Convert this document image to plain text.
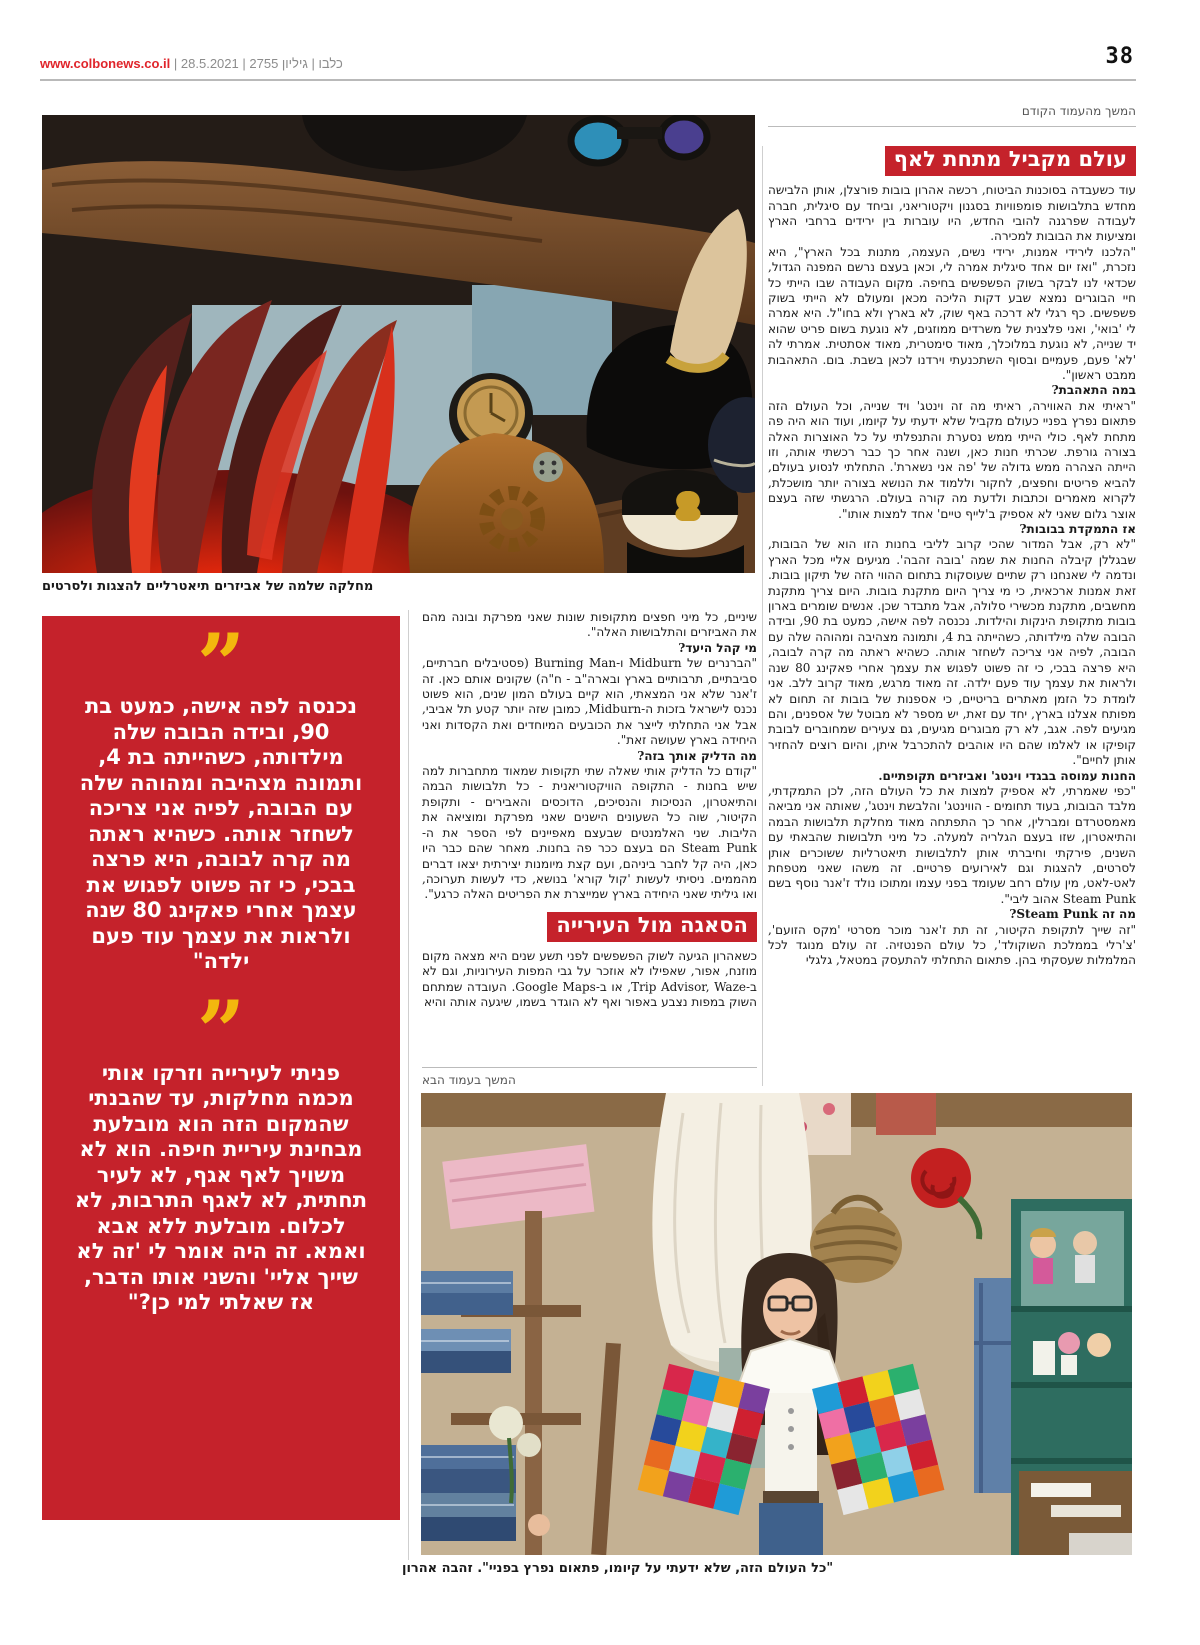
www.colbonews.co.il |	כלבו | גיליון 2755 | 28.5.2021	38
המשך מהעמוד הקודם
מחלקה שלמה של אביזרים תיאטרליים להצגות ולסרטים
”

נכנסה לפה אישה, כמעט בת 90, ובידה הבובה שלה מילדותה, כשהייתה בת 4, ותמונה מצהיבה ומהוהה שלה עם הבובה, לפיה אני צריכה לשחזר אותה. כשהיא ראתה מה קרה לבובה, היא פרצה בבכי, כי זה פשוט לפגוש את עצמך אחרי פאקינג 80 שנה ולראות את עצמך עוד פעם ילדה"

”

פניתי לעירייה וזרקו אותי מכמה מחלקות, עד שהבנתי שהמקום הזה הוא מובלעת מבחינת עיריית חיפה. הוא לא משויך לאף אגף, לא לעיר תחתית, לא לאגף התרבות, לא לכלום. מובלעת ללא אבא ואמא. זה היה אומר לי 'זה לא שייך אליי' והשני אותו הדבר, אז שאלתי למי כן?"

עולם מקביל מתחת לאף

עוד כשעבדה בסוכנות הביטוח, רכשה אהרון בובות פורצלן, אותן הלבישה מחדש בתלבושות פומפוויות בסגנון ויקטוריאני, וביחד עם סיגלית, חברה לעבודה שפרגנה להובי החדש, היו עוברות בין ירידים ברחבי הארץ ומציעות את הבובות למכירה.

"הלכנו לירידי אמנות, ירידי נשים, העצמה, מתנות בכל הארץ", היא נזכרת, "ואז יום אחד סיגלית אמרה לי, וכאן בעצם נרשם המפנה הגדול, שכדאי לנו לבקר בשוק הפשפשים בחיפה. מקום העבודה שבו הייתי כל חיי הבוגרים נמצא שבע דקות הליכה מכאן ומעולם לא הייתי בשוק פשפשים. כף רגלי לא דרכה באף שוק, לא בארץ ולא בחו"ל. היא אמרה לי 'בואי', ואני פלצנית של משרדים ממוזגים, לא נוגעת בשום פריט שהוא יד שנייה, לא נוגעת במלוכלך, מאוד סימטרית, מאוד אסתטית. אמרתי לה 'לא' פעם, פעמיים ובסוף השתכנעתי וירדנו לכאן בשבת. בום. התאהבות ממבט ראשון".

במה התאהבת?

"ראיתי את האווירה, ראיתי מה זה וינטג' ויד שנייה, וכל העולם הזה פתאום נפרץ בפניי כעולם מקביל שלא ידעתי על קיומו, ועוד הוא היה פה מתחת לאף. כולי הייתי ממש נסערת והתנפלתי על כל האוצרות האלה בצורה גורפת. שכרתי חנות כאן, ושנה אחר כך כבר רכשתי אותה, וזו הייתה הצהרה ממש גדולה של 'פה אני נשארת'. התחלתי לנסוע בעולם, להביא פריטים וחפצים, לחקור וללמוד את הנושא בצורה יותר מושכלת, לקרוא מאמרים וכתבות ולדעת מה קורה בעולם. הרגשתי שזה בעצם אוצר גלום שאני לא אספיק ב'לייף טיים' אחד למצות אותו".

אז התמקדת בבובות?

"לא רק, אבל המדור שהכי קרוב לליבי בחנות הזו הוא של הבובות, שבגללן קיבלה החנות את שמה 'בובה זהבה'. מגיעים אליי מכל הארץ ונדמה לי שאנחנו רק שתיים שעוסקות בתחום ההווי הזה של תיקון בובות. זאת אמנות ארכאית, כי מי צריך היום מתקנת בובות. היום צריך מתקנת מחשבים, מתקנת מכשירי סלולה, אבל מתבדר שכן. אנשים שומרים בארון בובות מתקופת הינקות והילדות. נכנסה לפה אישה, כמעט בת 90, ובידה הבובה שלה מילדותה, כשהייתה בת 4, ותמונה מצהיבה ומהוהה שלה עם הבובה, לפיה אני צריכה לשחזר אותה. כשהיא ראתה מה קרה לבובה, היא פרצה בבכי, כי זה פשוט לפגוש את עצמך אחרי פאקינג 80 שנה ולראות את עצמך עוד פעם ילדה. זה מאוד מרגש, מאוד קרוב ללב. אני לומדת כל הזמן מאתרים בריטיים, כי אספנות של בובות זה תחום לא מפותח אצלנו בארץ, יחד עם זאת, יש מספר לא מבוטל של אספנים, והם מגיעים לפה. אגב, לא רק מבוגרים מגיעים, גם צעירים שמחוברים לבובת קופיקו או לאלמו שהם היו אוהבים להתכרבל איתן, והיום רוצים להחזיר אותן לחיים".

החנות עמוסה בבגדי וינטג' ואביזרים תקופתיים.

"כפי שאמרתי, לא אספיק למצות את כל העולם הזה, לכן התמקדתי, מלבד הבובות, בעוד תחומים - הווינטג' והלבשת וינטג', שאותה אני מביאה מאמסטרדם ומברלין, אחר כך התפתחה מאוד מחלקת תלבושות הבמה והתיאטרון, שזו בעצם הגלריה למעלה. כל מיני תלבושות שהבאתי עם השנים, פירקתי וחיברתי אותן לתלבושות תיאטרליות ששוכרים אותן לסרטים, להצגות וגם לאירועים פרטיים. זה משהו שאני מטפחת לאט-לאט, מין עולם רחב שעומד בפני עצמו ומתוכו נולד ז'אנר נוסף בשם Steam Punk אהוב ליבי".

מה זה Steam Punk?

"זה שייך לתקופת הקיטור, זה תת ז'אנר מוכר מסרטי 'מקס הזועם', 'צ'רלי בממלכת השוקולד', כל עולם הפנטזיה. זה עולם מנוגד לכל המלמלות שעסקתי בהן. פתאום התחלתי להתעסק במטאל, גלגלי

שיניים, כל מיני חפצים מתקופות שונות שאני מפרקת ובונה מהם את האביזרים והתלבושות האלה".

מי קהל היעד?

"הברנרים של Midburn ו-Burning Man (פסטיבלים חברתיים, סביבתיים, תרבותיים בארץ ובארה"ב - ח"ה) שקונים אותם כאן. זה ז'אנר שלא אני המצאתי, הוא קיים בעולם המון שנים, הוא פשוט נכנס לישראל בזכות ה-Midburn, כמובן שזה יותר קטע תל אביבי, אבל אני התחלתי לייצר את הכובעים המיוחדים ואת הקסדות ואני היחידה בארץ שעושה זאת".

מה הדליק אותך בזה?

"קודם כל הדליק אותי שאלה שתי תקופות שמאוד מתחברות למה שיש בחנות - התקופה הוויקטוריאנית - כל תלבושות הבמה והתיאטרון, הנסיכות והנסיכים, הדוכסים והאבירים - ותקופת הקיטור, שוה כל השעונים הישנים שאני מפרקת ומוציאה את הליבות. שני האלמנטים שבעצם מאפיינים לפי הספר את ה-Steam Punk הם בעצם ככר פה בחנות. מאחר שהם כבר היו כאן, היה קל לחבר ביניהם, ועם קצת מיומנות יצירתית יצאו דברים מהממים. ניסיתי לעשות 'קול קורא' בנושא, כדי לעשות תערוכה, ואו גיליתי שאני היחידה בארץ שמייצרת את הפריטים האלה כרגע".

הסאגה מול העירייה

כשאהרון הגיעה לשוק הפשפשים לפני תשע שנים היא מצאה מקום מוזנח, אפור, שאפילו לא אוזכר על גבי המפות העירוניות, וגם לא ב-Trip Advisor, Waze, או ב-Google Maps. העובדה שמתחם השוק במפות נצבע באפור ואף לא הוגדר בשמו, שיגעה אותה והיא

המשך בעמוד הבא
"כל העולם הזה, שלא ידעתי על קיומו, פתאום נפרץ בפניי". זהבה אהרון
